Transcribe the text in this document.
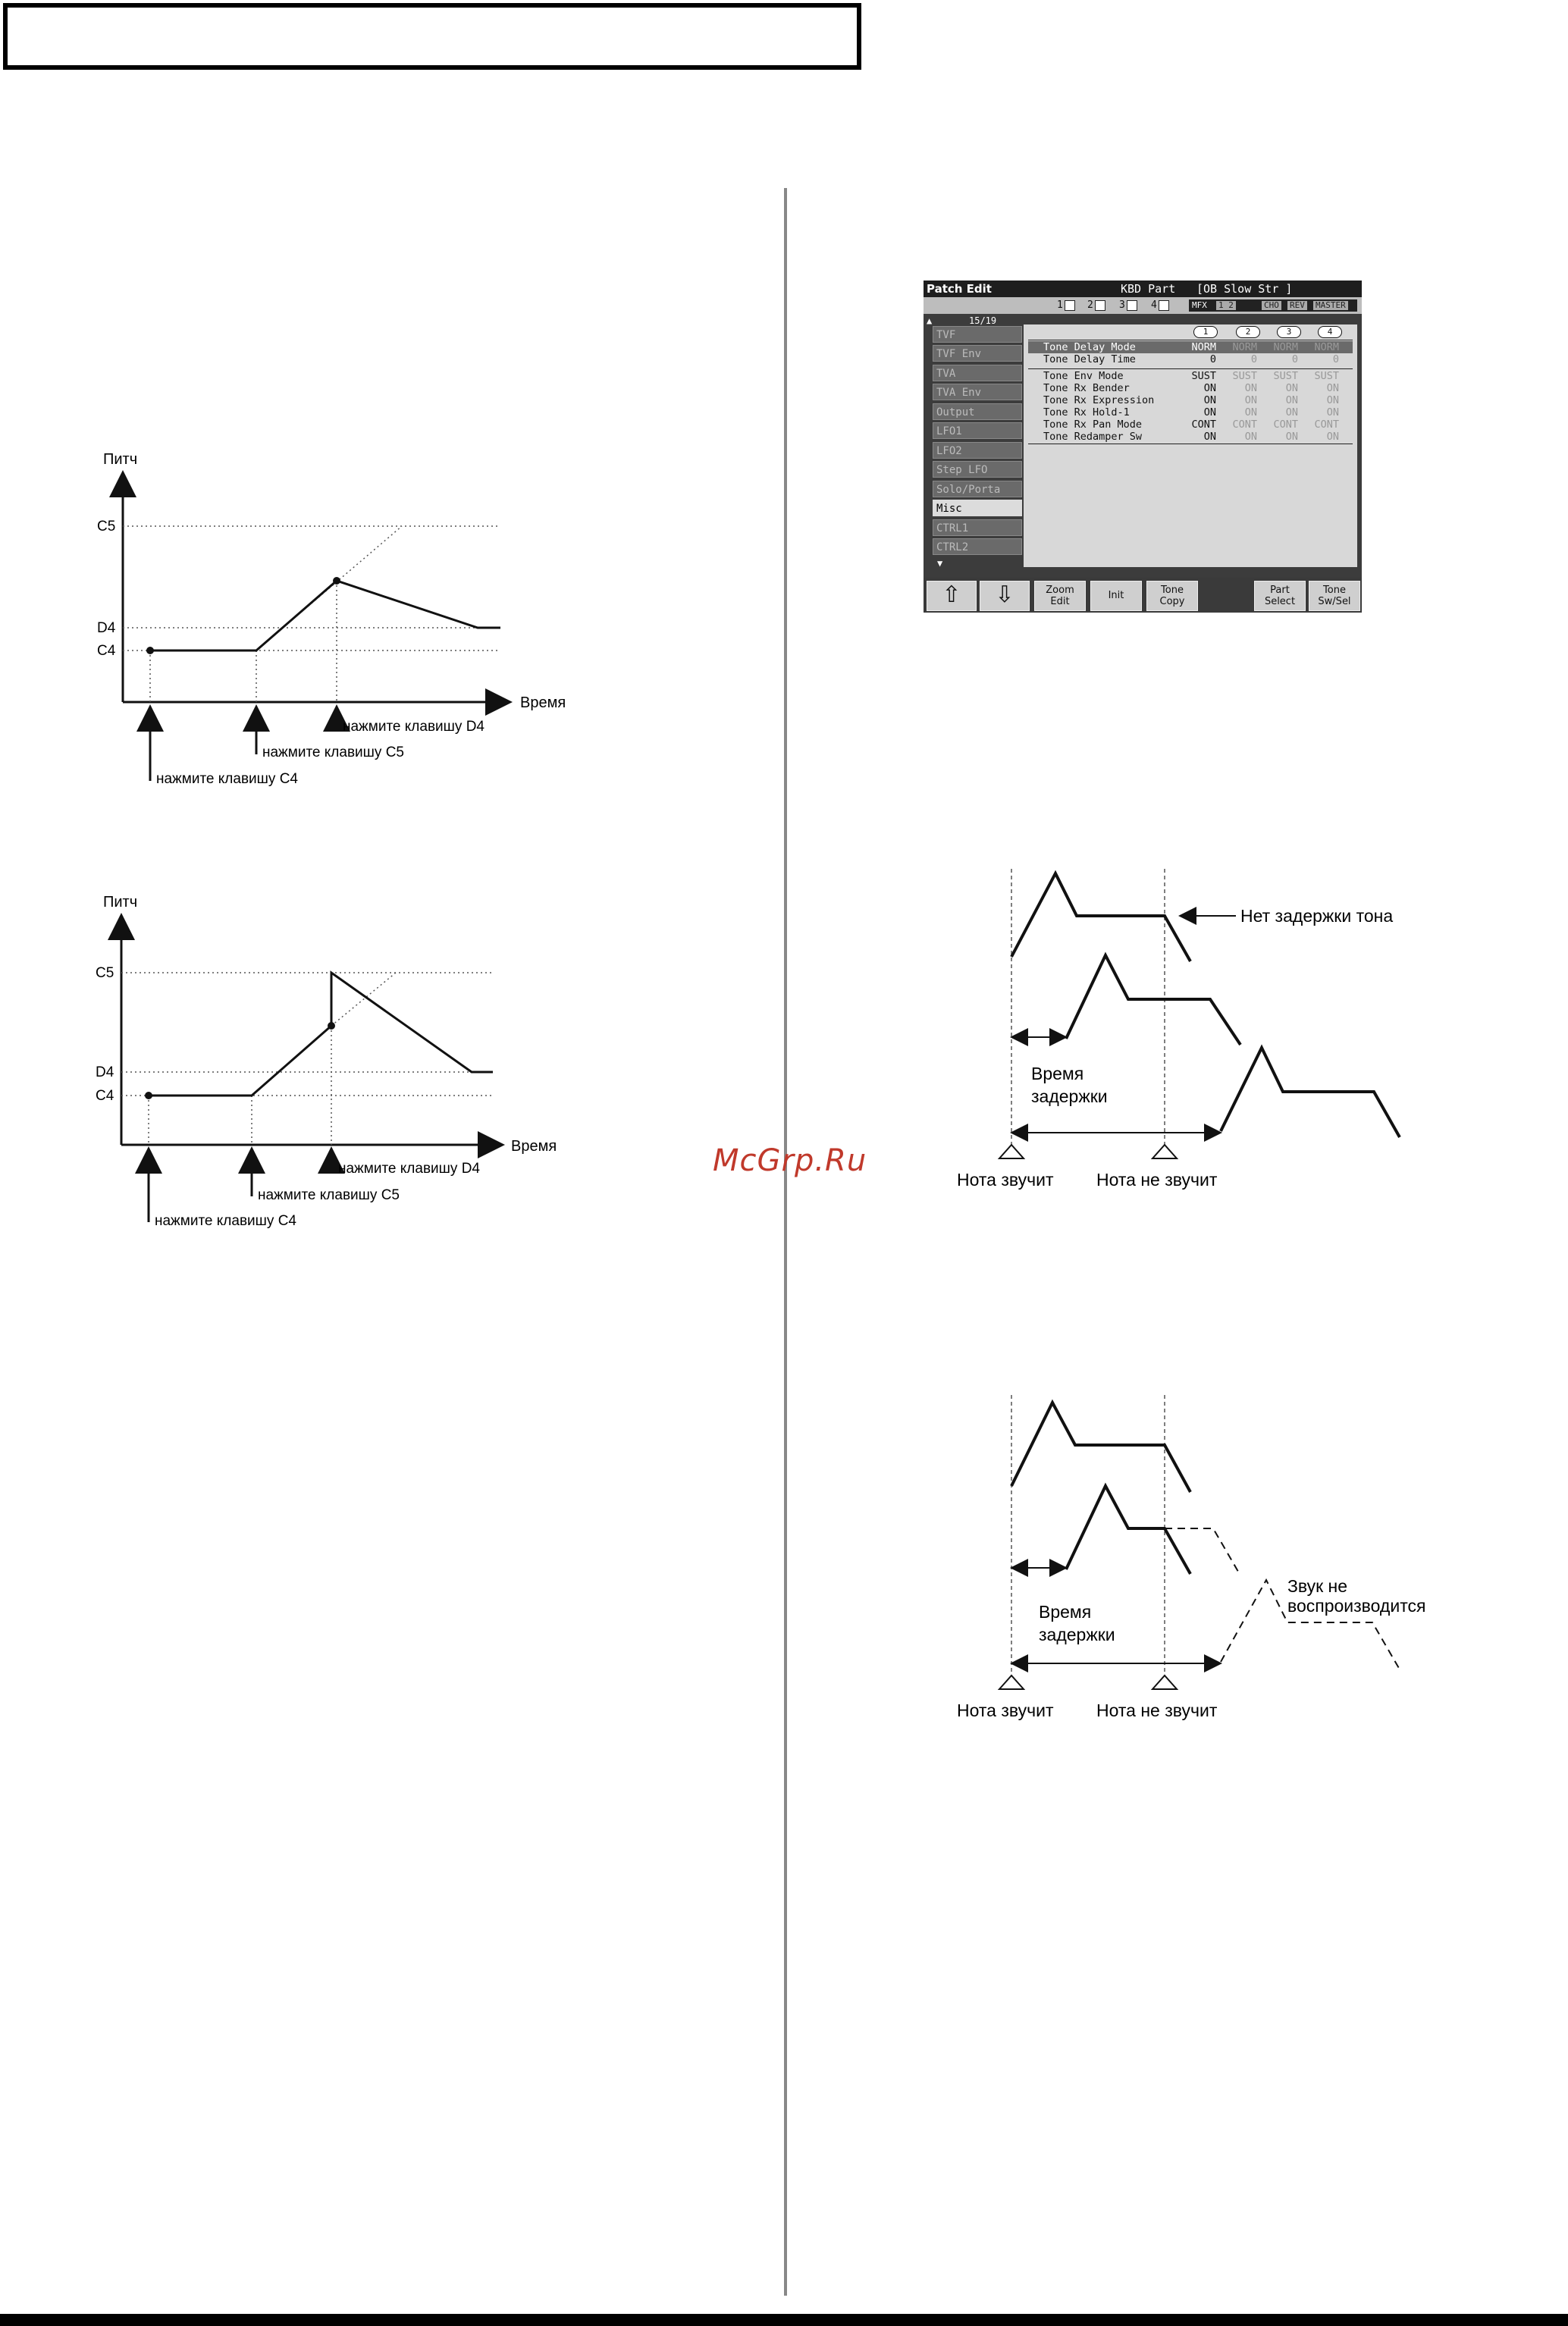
McGrp.Ru
Питч
Время
C5
D4
C4
нажмите клавишу D4
нажмите клавишу C5
нажмите клавишу C4
Питч
Время
C5
D4
C4
нажмите клавишу D4
нажмите клавишу C5
нажмите клавишу C4
Patch Edit	KBD Part [OB Slow Str ]
1	2	3	4	MFX 1 2	CHO REV MASTER
▲	15/19
TVF
TVF Env
TVA
TVA Env
Output
LFO1
LFO2
Step LFO
Solo/Porta
Misc
CTRL1
CTRL2
▼
1	2	3	4
Tone Delay Mode	NORM	NORM	NORM	NORM
Tone Delay Time	0	0	0	0
Tone Env Mode	SUST	SUST	SUST	SUST
Tone Rx Bender	ON	ON	ON	ON
Tone Rx Expression	ON	ON	ON	ON
Tone Rx Hold-1	ON	ON	ON	ON
Tone Rx Pan Mode	CONT	CONT	CONT	CONT
Tone Redamper Sw	ON	ON	ON	ON
⇧	⇩	Zoom
Edit
Init	Tone
Copy
Part
Select
Tone
Sw/Sel
Нет задержки тона
Время
задержки
Нота звучит Нота не звучит
Звук не
воспроизводится
Время
задержки
Нота звучит Нота не звучит
